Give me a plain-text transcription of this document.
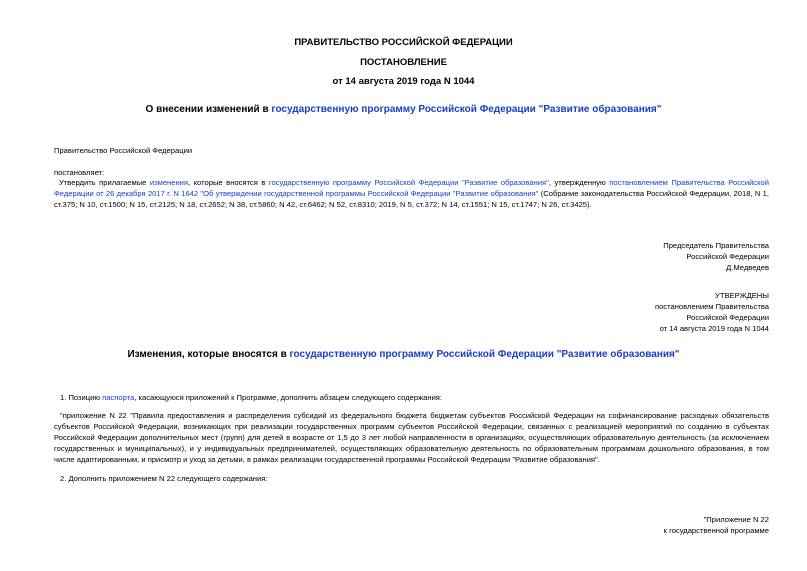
ПРАВИТЕЛЬСТВО РОССИЙСКОЙ ФЕДЕРАЦИИ
ПОСТАНОВЛЕНИЕ
от 14 августа 2019 года N 1044
О внесении изменений в государственную программу Российской Федерации "Развитие образования"
Правительство Российской Федерации
постановляет:
Утвердить прилагаемые изменения, которые вносятся в государственную программу Российской Федерации "Развитие образования", утвержденную постановлением Правительства Российской Федерации от 26 декабря 2017 г. N 1642 "Об утверждении государственной программы Российской Федерации "Развитие образования" (Собрание законодательства Российской Федерации, 2018, N 1, ст.375; N 10, ст.1500; N 15, ст.2125; N 18, ст.2652; N 38, ст.5860; N 42, ст.6462; N 52, ст.8310; 2019, N 5, ст.372; N 14, ст.1551; N 15, ст.1747; N 26, ст.3425).
Председатель Правительства
Российской Федерации
Д.Медведев
УТВЕРЖДЕНЫ
постановлением Правительства
Российской Федерации
от 14 августа 2019 года N 1044
Изменения, которые вносятся в государственную программу Российской Федерации "Развитие образования"
1. Позицию паспорта, касающуюся приложений к Программе, дополнить абзацем следующего содержания:
"приложение N 22 "Правила предоставления и распределения субсидий из федерального бюджета бюджетам субъектов Российской Федерации на софинансирование расходных обязательств субъектов Российской Федерации, возникающих при реализации государственных программ субъектов Российской Федерации, связанных с реализацией мероприятий по созданию в субъектах Российской Федерации дополнительных мест (групп) для детей в возрасте от 1,5 до 3 лет любой направленности в организациях, осуществляющих образовательную деятельность (за исключением государственных и муниципальных), и у индивидуальных предпринимателей, осуществляющих образовательную деятельность по образовательным программам дошкольного образования, в том числе адаптированным, и присмотр и уход за детьми, в рамках реализации государственной программы Российской Федерации "Развитие образования".
2. Дополнить приложением N 22 следующего содержания:
"Приложение N 22
к государственной программе
